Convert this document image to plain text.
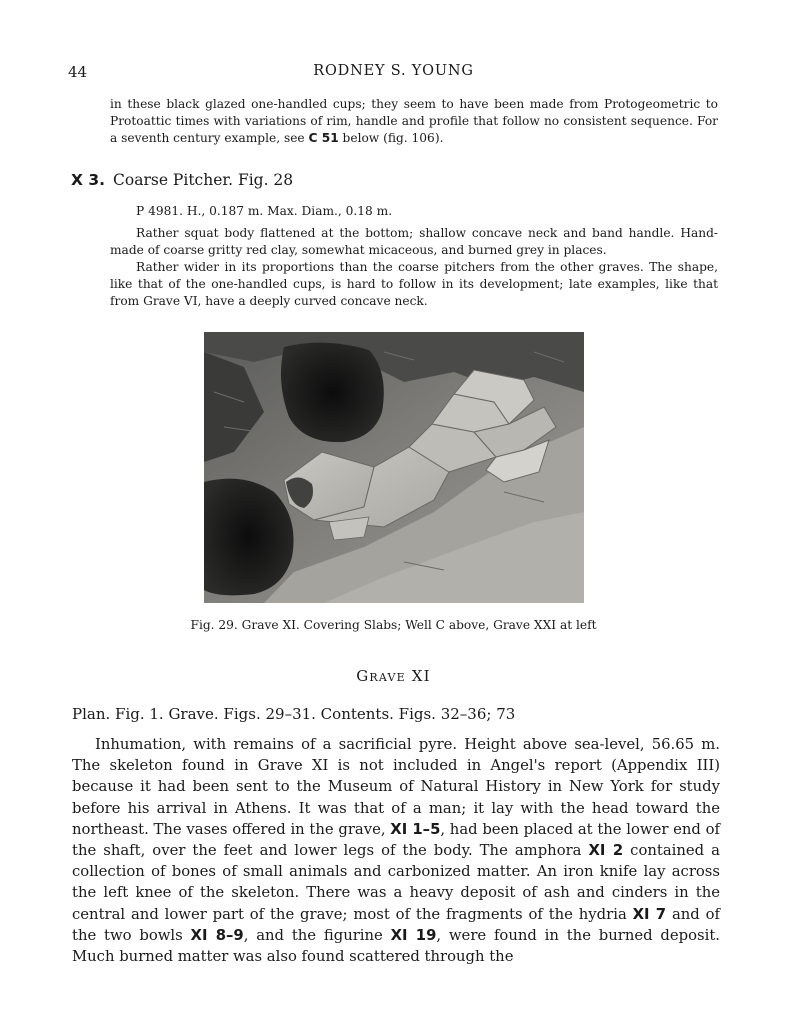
44	RODNEY S. YOUNG

in these black glazed one-handled cups; they seem to have been made from Protogeometric to Protoattic times with variations of rim, handle and profile that follow no consistent sequence. For a seventh century example, see C 51 below (fig. 106).

X 3. Coarse Pitcher. Fig. 28

P 4981. H., 0.187 m. Max. Diam., 0.18 m.

Rather squat body flattened at the bottom; shallow concave neck and band handle. Hand-made of coarse gritty red clay, somewhat micaceous, and burned grey in places.

Rather wider in its proportions than the coarse pitchers from the other graves. The shape, like that of the one-handled cups, is hard to follow in its development; late examples, like that from Grave VI, have a deeply curved concave neck.

Fig. 29. Grave XI. Covering Slabs; Well C above, Grave XXI at left
Grave XI

Plan. Fig. 1. Grave. Figs. 29–31. Contents. Figs. 32–36; 73

Inhumation, with remains of a sacrificial pyre. Height above sea-level, 56.65 m. The skeleton found in Grave XI is not included in Angel's report (Appendix III) because it had been sent to the Museum of Natural History in New York for study before his arrival in Athens. It was that of a man; it lay with the head toward the northeast. The vases offered in the grave, XI 1–5, had been placed at the lower end of the shaft, over the feet and lower legs of the body. The amphora XI 2 contained a collection of bones of small animals and carbonized matter. An iron knife lay across the left knee of the skeleton. There was a heavy deposit of ash and cinders in the central and lower part of the grave; most of the fragments of the hydria XI 7 and of the two bowls XI 8–9, and the figurine XI 19, were found in the burned deposit. Much burned matter was also found scattered through the
